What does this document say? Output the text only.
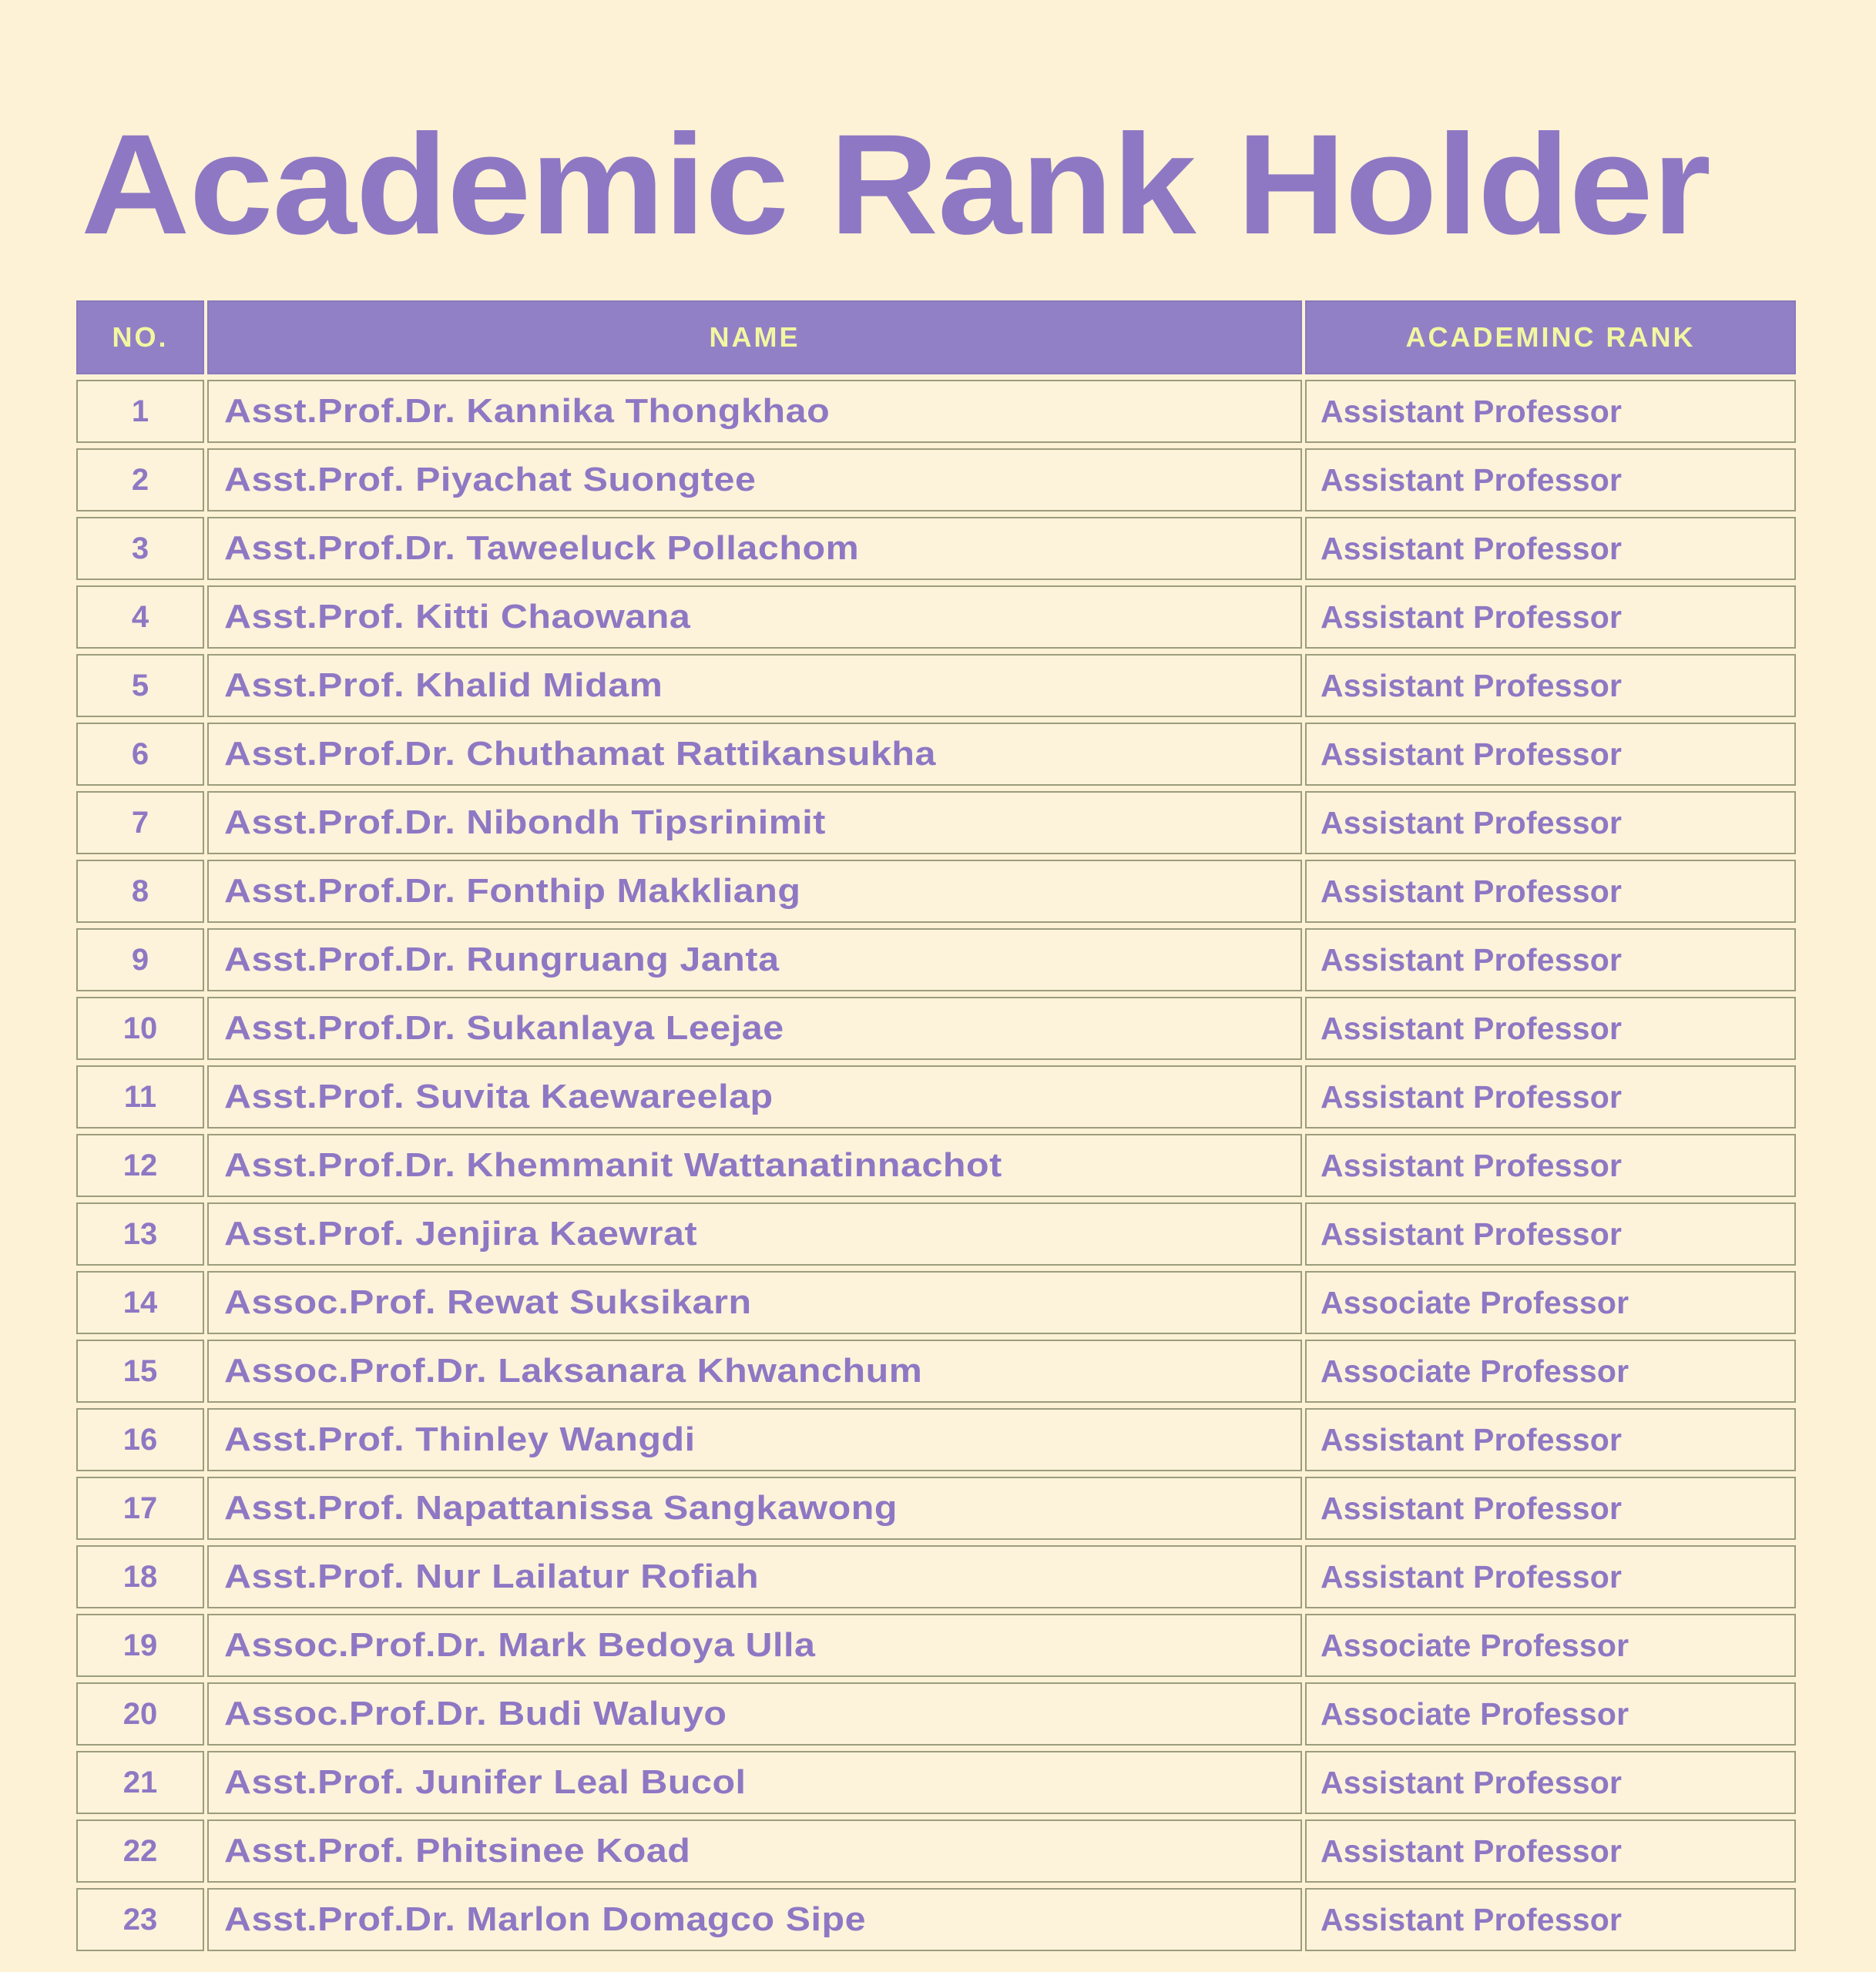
Academic Rank Holder
NO.	NAME	ACADEMINC RANK
1	Asst.Prof.Dr. Kannika Thongkhao	Assistant Professor
2	Asst.Prof. Piyachat Suongtee	Assistant Professor
3	Asst.Prof.Dr. Taweeluck Pollachom	Assistant Professor
4	Asst.Prof. Kitti Chaowana	Assistant Professor
5	Asst.Prof. Khalid Midam	Assistant Professor
6	Asst.Prof.Dr. Chuthamat Rattikansukha	Assistant Professor
7	Asst.Prof.Dr. Nibondh Tipsrinimit	Assistant Professor
8	Asst.Prof.Dr. Fonthip Makkliang	Assistant Professor
9	Asst.Prof.Dr. Rungruang Janta	Assistant Professor
10	Asst.Prof.Dr. Sukanlaya Leejae	Assistant Professor
11	Asst.Prof. Suvita Kaewareelap	Assistant Professor
12	Asst.Prof.Dr. Khemmanit Wattanatinnachot	Assistant Professor
13	Asst.Prof. Jenjira Kaewrat	Assistant Professor
14	Assoc.Prof. Rewat Suksikarn	Associate Professor
15	Assoc.Prof.Dr. Laksanara Khwanchum	Associate Professor
16	Asst.Prof. Thinley Wangdi	Assistant Professor
17	Asst.Prof. Napattanissa Sangkawong	Assistant Professor
18	Asst.Prof. Nur Lailatur Rofiah	Assistant Professor
19	Assoc.Prof.Dr. Mark Bedoya Ulla	Associate Professor
20	Assoc.Prof.Dr. Budi Waluyo	Associate Professor
21	Asst.Prof. Junifer Leal Bucol	Assistant Professor
22	Asst.Prof. Phitsinee Koad	Assistant Professor
23	Asst.Prof.Dr. Marlon Domagco Sipe	Assistant Professor
